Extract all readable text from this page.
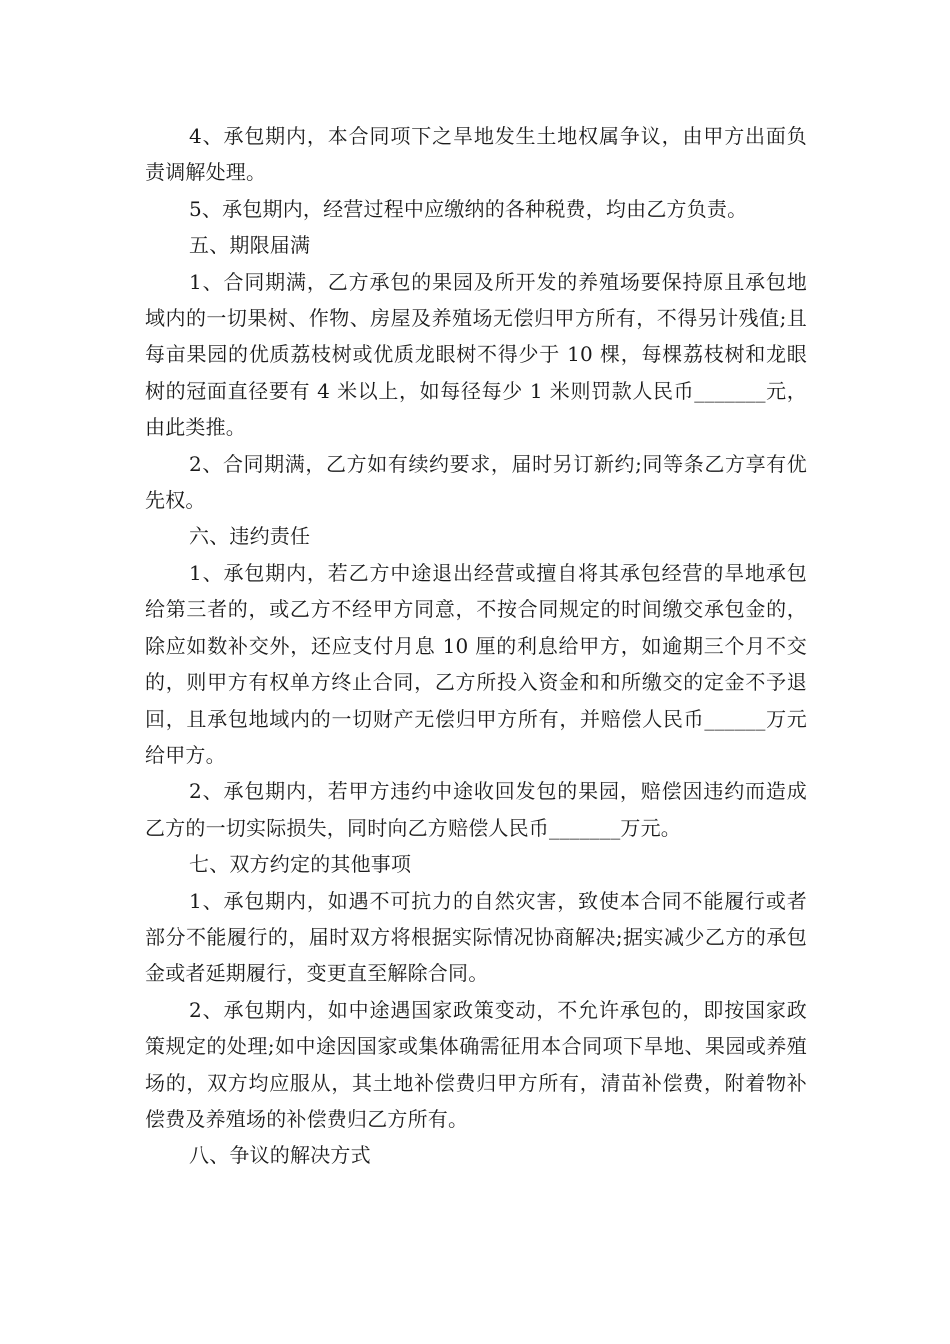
4、承包期内，本合同项下之旱地发生土地权属争议，由甲方出面负责调解处理。

5、承包期内，经营过程中应缴纳的各种税费，均由乙方负责。

五、期限届满

1、合同期满，乙方承包的果园及所开发的养殖场要保持原且承包地域内的一切果树、作物、房屋及养殖场无偿归甲方所有，不得另计残值;且每亩果园的优质荔枝树或优质龙眼树不得少于 10 棵，每棵荔枝树和龙眼树的冠面直径要有 4 米以上，如每径每少 1 米则罚款人民币_______元，由此类推。

2、合同期满，乙方如有续约要求，届时另订新约;同等条乙方享有优先权。

六、违约责任

1、承包期内，若乙方中途退出经营或擅自将其承包经营的旱地承包给第三者的，或乙方不经甲方同意，不按合同规定的时间缴交承包金的，除应如数补交外，还应支付月息 10 厘的利息给甲方，如逾期三个月不交的，则甲方有权单方终止合同，乙方所投入资金和和所缴交的定金不予退回，且承包地域内的一切财产无偿归甲方所有，并赔偿人民币______万元给甲方。

2、承包期内，若甲方违约中途收回发包的果园，赔偿因违约而造成乙方的一切实际损失，同时向乙方赔偿人民币_______万元。

七、双方约定的其他事项

1、承包期内，如遇不可抗力的自然灾害，致使本合同不能履行或者部分不能履行的，届时双方将根据实际情况协商解决;据实减少乙方的承包金或者延期履行，变更直至解除合同。

2、承包期内，如中途遇国家政策变动，不允许承包的，即按国家政策规定的处理;如中途因国家或集体确需征用本合同项下旱地、果园或养殖场的，双方均应服从，其土地补偿费归甲方所有，清苗补偿费，附着物补偿费及养殖场的补偿费归乙方所有。

八、争议的解决方式
